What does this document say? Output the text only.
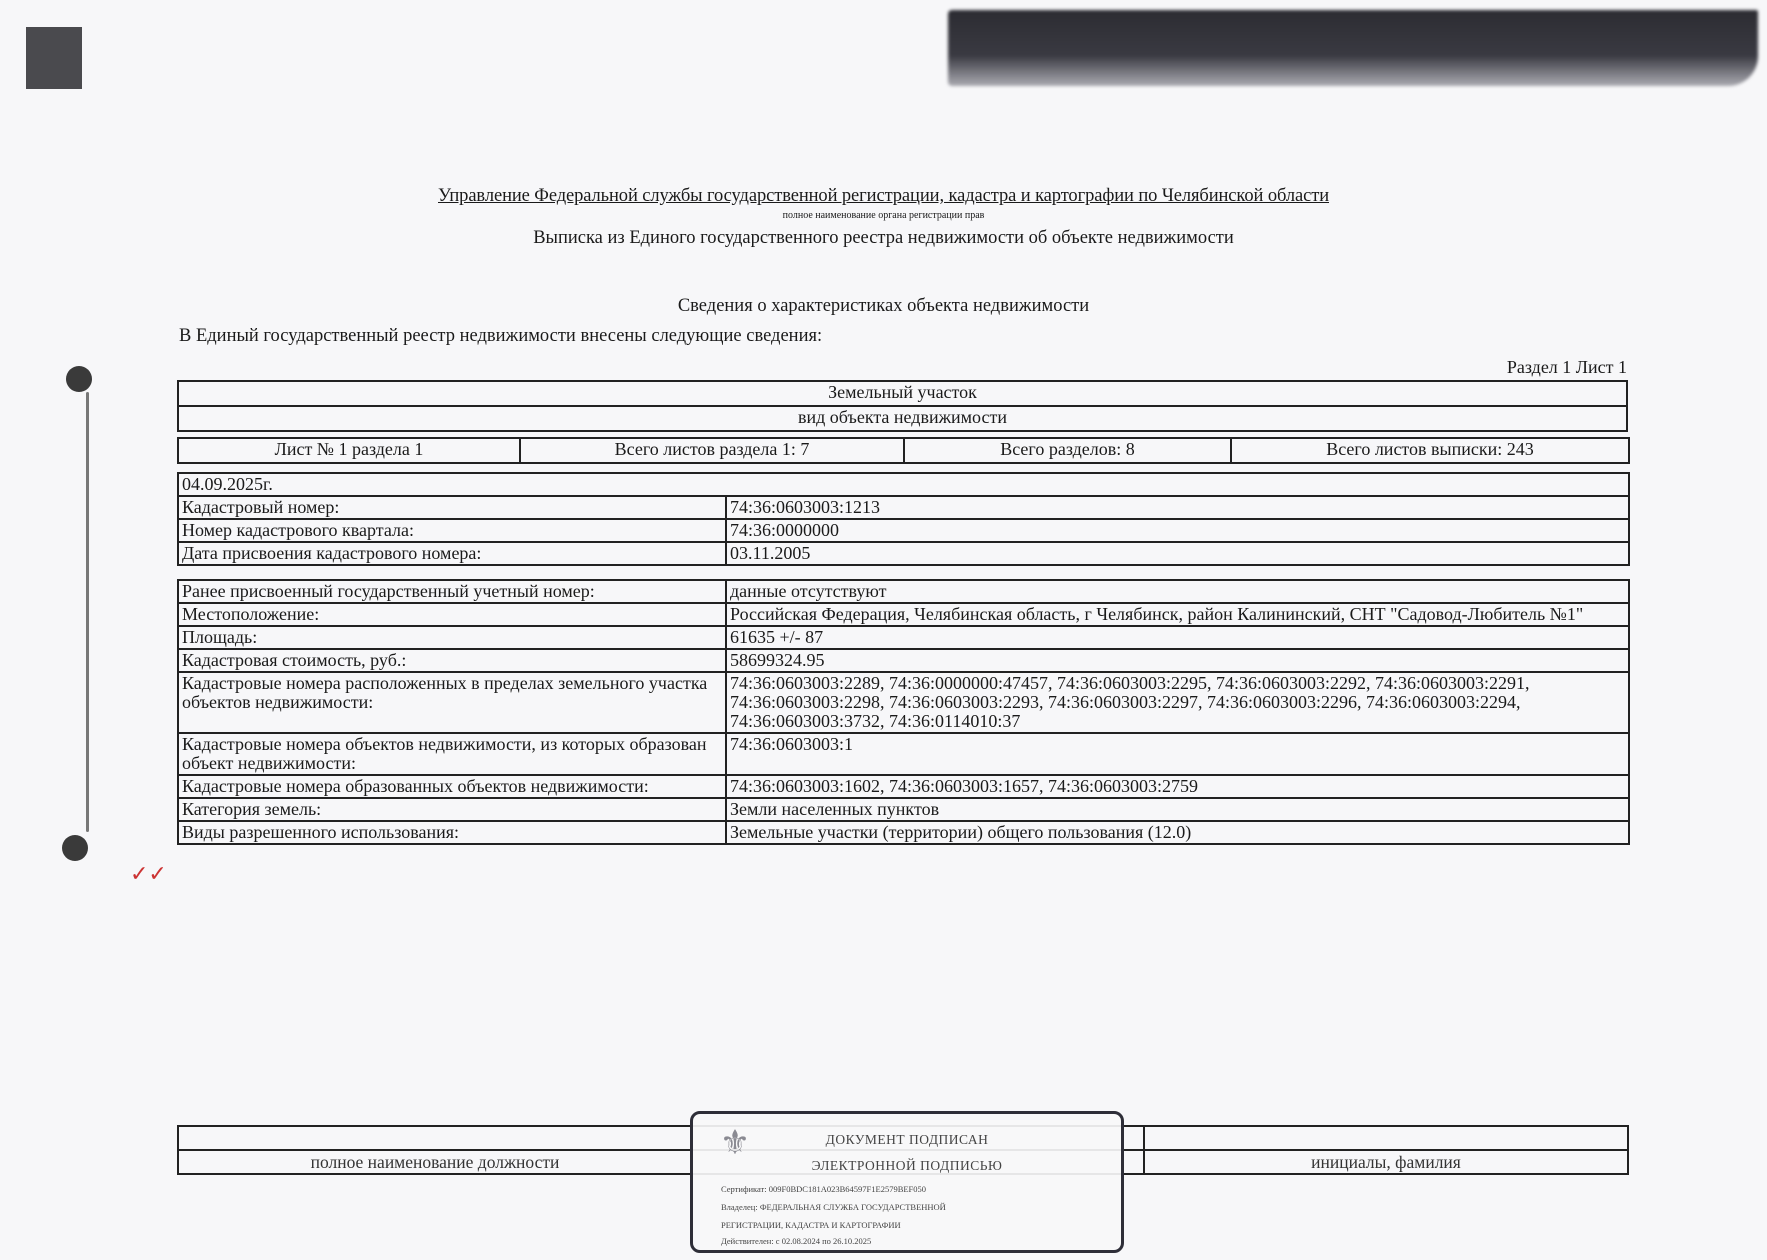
✓✓
Управление Федеральной службы государственной регистрации, кадастра и картографии по Челябинской области
полное наименование органа регистрации прав
Выписка из Единого государственного реестра недвижимости об объекте недвижимости
Сведения о характеристиках объекта недвижимости
В Единый государственный реестр недвижимости внесены следующие сведения:
Раздел 1 Лист 1
Земельный участок
вид объекта недвижимости
Лист № 1 раздела 1	Всего листов раздела 1: 7	Всего разделов: 8	Всего листов выписки: 243
04.09.2025г.	
Кадастровый номер:	74:36:0603003:1213
Номер кадастрового квартала:	74:36:0000000
Дата присвоения кадастрового номера:	03.11.2005
Ранее присвоенный государственный учетный номер:	данные отсутствуют
Местоположение:	Российская Федерация, Челябинская область, г Челябинск, район Калининский, СНТ "Садовод-Любитель №1"
Площадь:	61635 +/- 87
Кадастровая стоимость, руб.:	58699324.95
Кадастровые номера расположенных в пределах земельного участка объектов недвижимости:	74:36:0603003:2289, 74:36:0000000:47457, 74:36:0603003:2295, 74:36:0603003:2292, 74:36:0603003:2291, 74:36:0603003:2298, 74:36:0603003:2293, 74:36:0603003:2297, 74:36:0603003:2296, 74:36:0603003:2294, 74:36:0603003:3732, 74:36:0114010:37
Кадастровые номера объектов недвижимости, из которых образован объект недвижимости:	74:36:0603003:1
Кадастровые номера образованных объектов недвижимости:	74:36:0603003:1602, 74:36:0603003:1657, 74:36:0603003:2759
Категория земель:	Земли населенных пунктов
Виды разрешенного использования:	Земельные участки (территории) общего пользования (12.0)

полное наименование должности		инициалы, фамилия
⚜	ДОКУМЕНТ ПОДПИСАН
ЭЛЕКТРОННОЙ ПОДПИСЬЮ
Сертификат: 009F0BDC181A023B64597F1E2579BEF050
Владелец: ФЕДЕРАЛЬНАЯ СЛУЖБА ГОСУДАРСТВЕННОЙ
РЕГИСТРАЦИИ, КАДАСТРА И КАРТОГРАФИИ
Действителен: с 02.08.2024 по 26.10.2025
